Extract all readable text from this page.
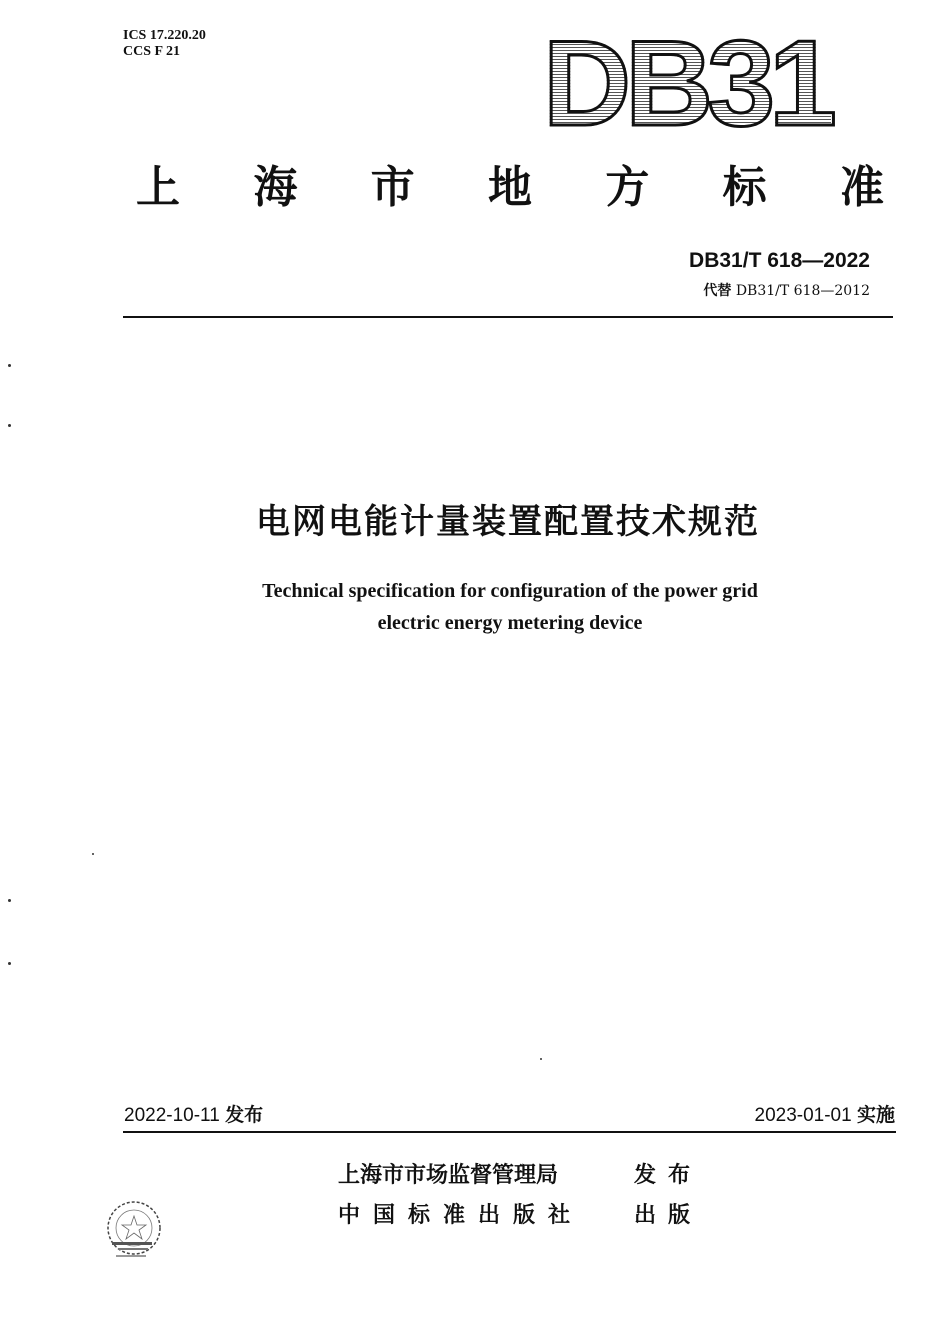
ICS 17.220.20
CCS F 21	DB31
上 海 市 地 方 标 准
DB31/T 618—2022
代替 DB31/T 618—2012
电网电能计量装置配置技术规范
Technical specification for configuration of the power grid
electric energy metering device
2022-10-11 发布	2023-01-01 实施
上海市市场监督管理局	发布
中国标准出版社 出版
